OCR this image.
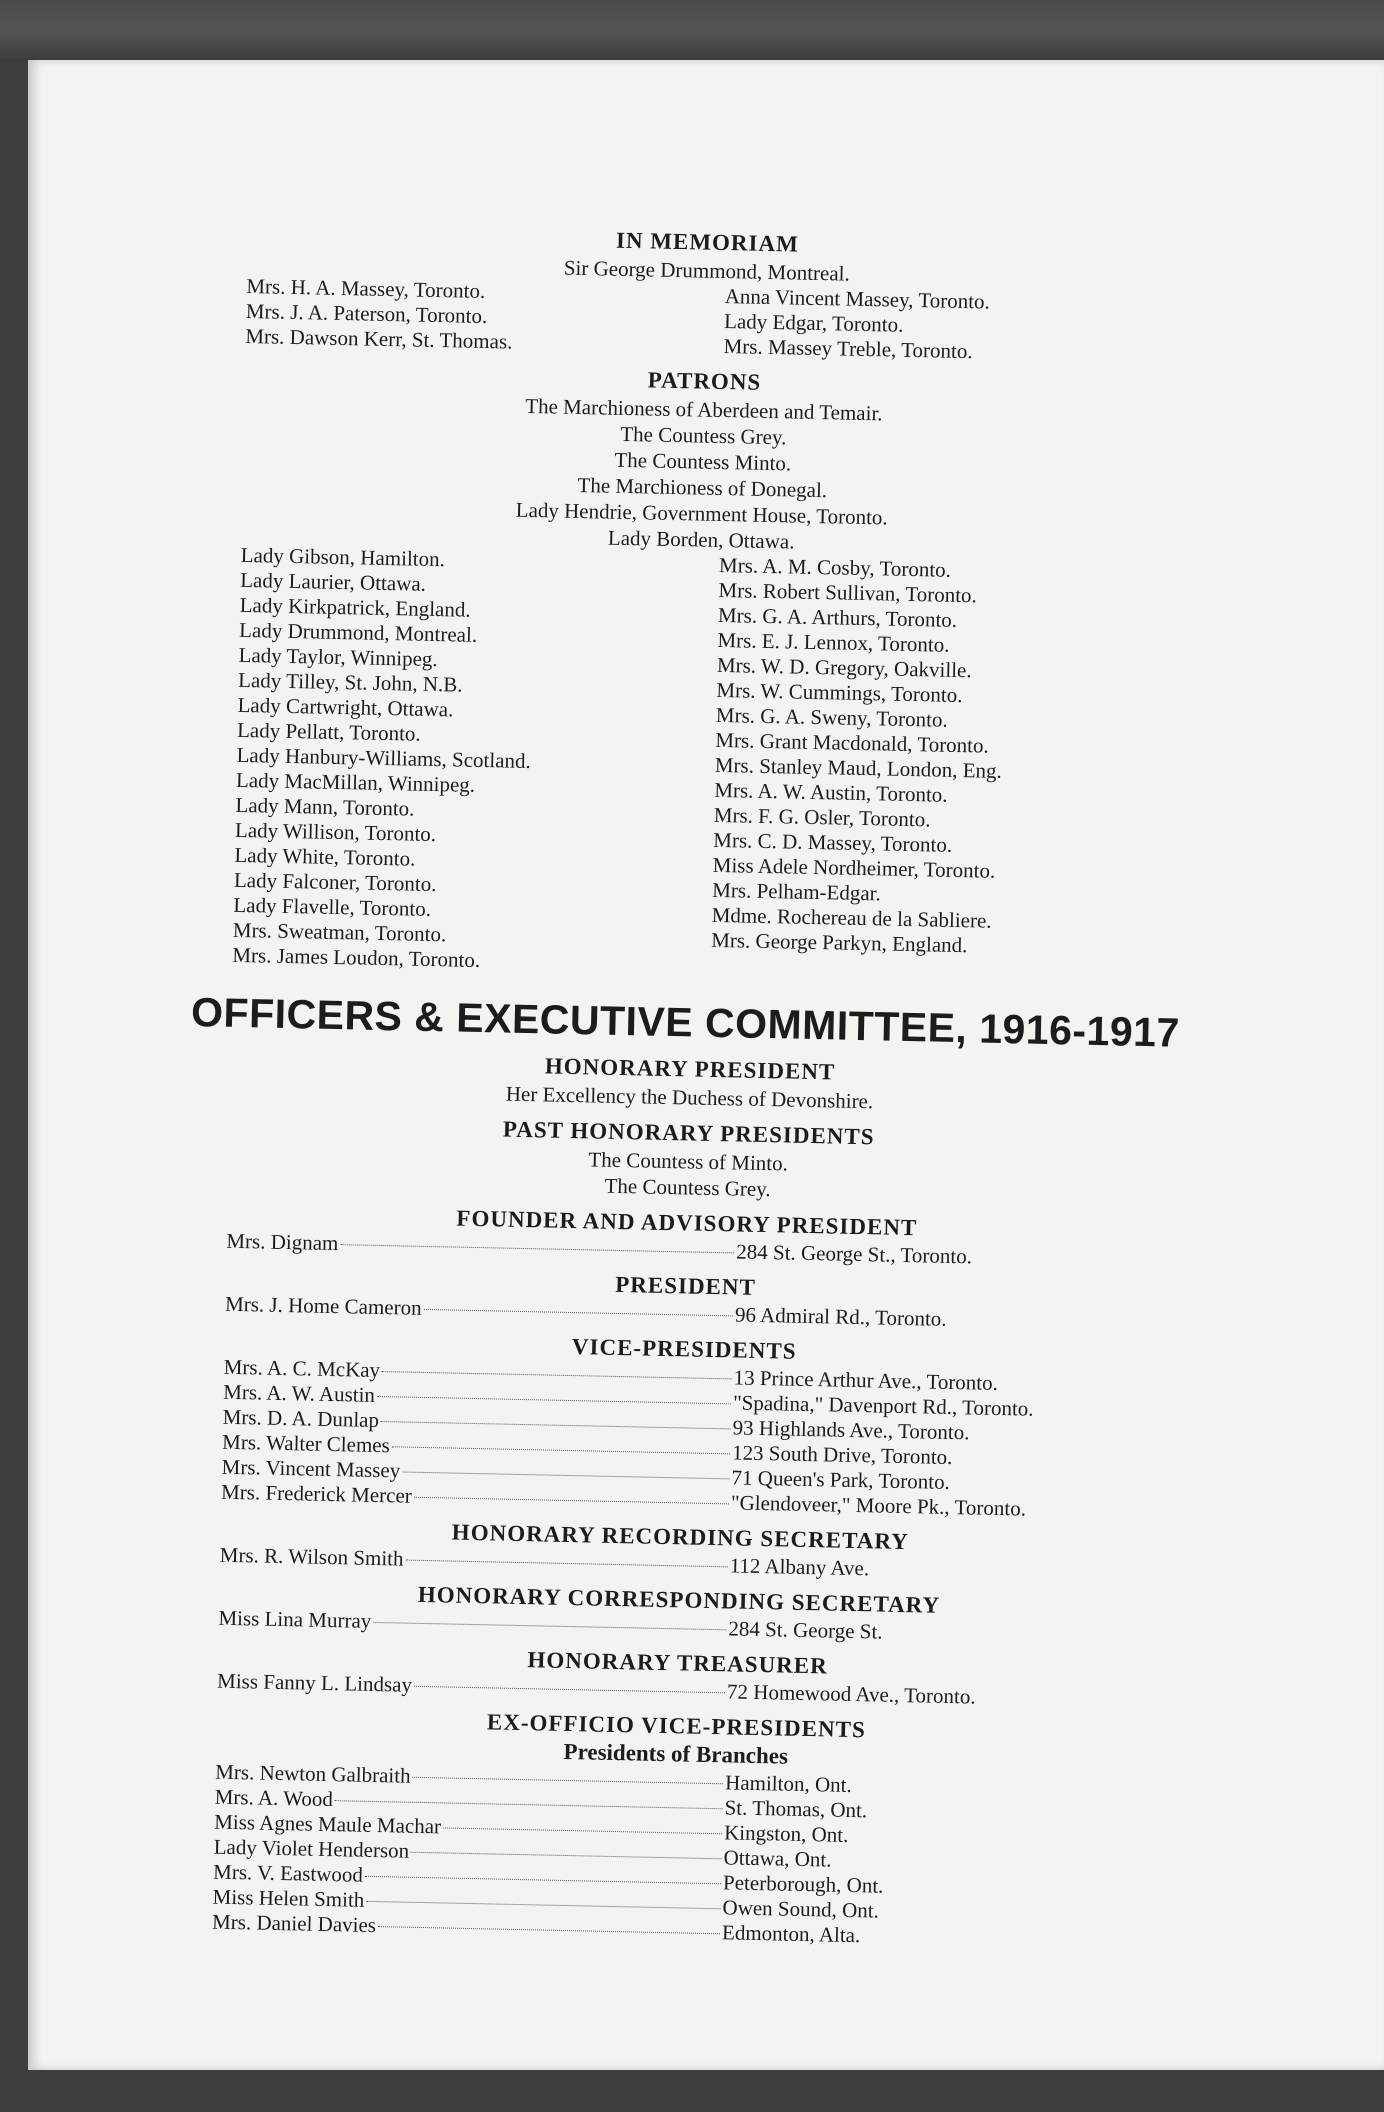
IN MEMORIAM
Sir George Drummond, Montreal.
Mrs. H. A. Massey, Toronto.
Mrs. J. A. Paterson, Toronto.
Mrs. Dawson Kerr, St. Thomas.
Anna Vincent Massey, Toronto.
Lady Edgar, Toronto.
Mrs. Massey Treble, Toronto.
PATRONS
The Marchioness of Aberdeen and Temair.
The Countess Grey.
The Countess Minto.
The Marchioness of Donegal.
Lady Hendrie, Government House, Toronto.
Lady Borden, Ottawa.
Lady Gibson, Hamilton.
Lady Laurier, Ottawa.
Lady Kirkpatrick, England.
Lady Drummond, Montreal.
Lady Taylor, Winnipeg.
Lady Tilley, St. John, N.B.
Lady Cartwright, Ottawa.
Lady Pellatt, Toronto.
Lady Hanbury-Williams, Scotland.
Lady MacMillan, Winnipeg.
Lady Mann, Toronto.
Lady Willison, Toronto.
Lady White, Toronto.
Lady Falconer, Toronto.
Lady Flavelle, Toronto.
Mrs. Sweatman, Toronto.
Mrs. James Loudon, Toronto.
Mrs. A. M. Cosby, Toronto.
Mrs. Robert Sullivan, Toronto.
Mrs. G. A. Arthurs, Toronto.
Mrs. E. J. Lennox, Toronto.
Mrs. W. D. Gregory, Oakville.
Mrs. W. Cummings, Toronto.
Mrs. G. A. Sweny, Toronto.
Mrs. Grant Macdonald, Toronto.
Mrs. Stanley Maud, London, Eng.
Mrs. A. W. Austin, Toronto.
Mrs. F. G. Osler, Toronto.
Mrs. C. D. Massey, Toronto.
Miss Adele Nordheimer, Toronto.
Mrs. Pelham-Edgar.
Mdme. Rochereau de la Sabliere.
Mrs. George Parkyn, England.
OFFICERS & EXECUTIVE COMMITTEE, 1916-1917
HONORARY PRESIDENT
Her Excellency the Duchess of Devonshire.
PAST HONORARY PRESIDENTS
The Countess of Minto.
The Countess Grey.
FOUNDER AND ADVISORY PRESIDENT
Mrs. Dignam	284 St. George St., Toronto.
PRESIDENT
Mrs. J. Home Cameron	96 Admiral Rd., Toronto.
VICE-PRESIDENTS
Mrs. A. C. McKay	13 Prince Arthur Ave., Toronto.
Mrs. A. W. Austin	"Spadina," Davenport Rd., Toronto.
Mrs. D. A. Dunlap	93 Highlands Ave., Toronto.
Mrs. Walter Clemes	123 South Drive, Toronto.
Mrs. Vincent Massey	71 Queen's Park, Toronto.
Mrs. Frederick Mercer	"Glendoveer," Moore Pk., Toronto.
HONORARY RECORDING SECRETARY
Mrs. R. Wilson Smith	112 Albany Ave.
HONORARY CORRESPONDING SECRETARY
Miss Lina Murray	284 St. George St.
HONORARY TREASURER
Miss Fanny L. Lindsay	72 Homewood Ave., Toronto.
EX-OFFICIO VICE-PRESIDENTS
Presidents of Branches
Mrs. Newton Galbraith	Hamilton, Ont.
Mrs. A. Wood	St. Thomas, Ont.
Miss Agnes Maule Machar	Kingston, Ont.
Lady Violet Henderson	Ottawa, Ont.
Mrs. V. Eastwood	Peterborough, Ont.
Miss Helen Smith	Owen Sound, Ont.
Mrs. Daniel Davies	Edmonton, Alta.
